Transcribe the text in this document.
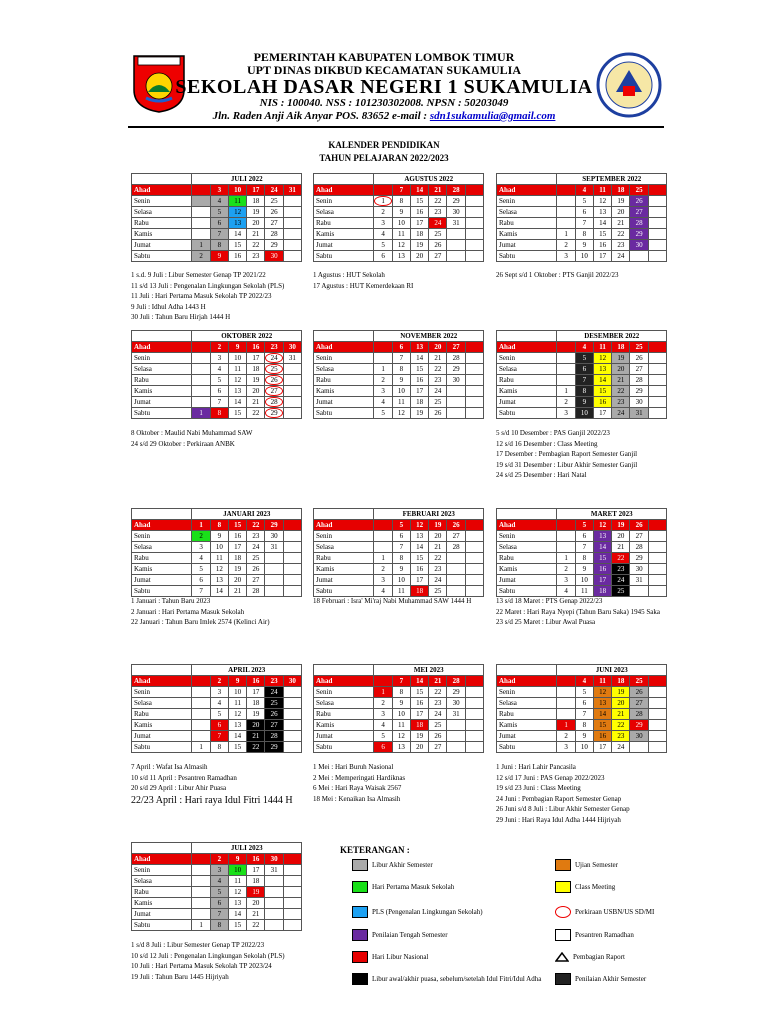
PEMERINTAH KABUPATEN LOMBOK TIMUR
UPT DINAS DIKBUD KECAMATAN SUKAMULIA
SEKOLAH DASAR NEGERI 1 SUKAMULIA
NIS : 100040. NSS : 101230302008. NPSN : 50203049
Jln. Raden Anji Aik Anyar POS. 83652 e-mail : sdn1sukamulia@gmail.com
KALENDER PENDIDIKAN
TAHUN PELAJARAN 2022/2023
	JULI 2022					
Ahad		3	10	17	24	31
Senin		4	11	18	25	
Selasa		5	12	19	26	
Rabu		6	13	20	27	
Kamis		7	14	21	28	
Jumat	1	8	15	22	29	
Sabtu	2	9	16	23	30	
1 s.d. 9 Juli : Libur Semester Genap TP 2021/22
11 s/d 13 Juli : Pengenalan Lingkungan Sekolah (PLS)
11 Juli : Hari Pertama Masuk Sekolah TP 2022/23
9 Juli : Idhul Adha 1443 H
30 Juli : Tahun Baru Hirjah 1444 H
	AGUSTUS 2022					
Ahad		7	14	21	28	
Senin	1	8	15	22	29	
Selasa	2	9	16	23	30	
Rabu	3	10	17	24	31	
Kamis	4	11	18	25		
Jumat	5	12	19	26		
Sabtu	6	13	20	27		
1 Agustus : HUT Sekolah
17 Agustus : HUT Kemerdekaan RI
	SEPTEMBER 2022					
Ahad		4	11	18	25	
Senin		5	12	19	26	
Selasa		6	13	20	27	
Rabu		7	14	21	28	
Kamis	1	8	15	22	29	
Jumat	2	9	16	23	30	
Sabtu	3	10	17	24		
26 Sept s/d 1 Oktober : PTS Ganjil 2022/23
	OKTOBER 2022					
Ahad		2	9	16	23	30
Senin		3	10	17	24	31
Selasa		4	11	18	25	
Rabu		5	12	19	26	
Kamis		6	13	20	27	
Jumat		7	14	21	28	
Sabtu	1	8	15	22	29	
8 Oktober : Maulid Nabi Muhammad SAW
24 s/d 29 Oktober : Perkiraan ANBK
	NOVEMBER 2022					
Ahad		6	13	20	27	
Senin		7	14	21	28	
Selasa	1	8	15	22	29	
Rabu	2	9	16	23	30	
Kamis	3	10	17	24		
Jumat	4	11	18	25		
Sabtu	5	12	19	26		
	DESEMBER 2022					
Ahad		4	11	18	25	
Senin		5	12	19	26	
Selasa		6	13	20	27	
Rabu		7	14	21	28	
Kamis	1	8	15	22	29	
Jumat	2	9	16	23	30	
Sabtu	3	10	17	24	31	
5 s/d 10 Desember : PAS Ganjil 2022/23
12 s/d 16 Desember : Class Meeting
17 Desember : Pembagian Raport Semester Ganjil
19 s/d 31 Desember : Libur Akhir Semester Ganjil
24 s/d 25 Desember : Hari Natal
	JANUARI 2023					
Ahad	1	8	15	22	29	
Senin	2	9	16	23	30	
Selasa	3	10	17	24	31	
Rabu	4	11	18	25		
Kamis	5	12	19	26		
Jumat	6	13	20	27		
Sabtu	7	14	21	28		
1 Januari : Tahun Baru 2023
2 Januari : Hari Pertama Masuk Sekolah
22 Januari : Tahun Baru Imlek 2574 (Kelinci Air)
	FEBRUARI 2023					
Ahad		5	12	19	26	
Senin		6	13	20	27	
Selasa		7	14	21	28	
Rabu	1	8	15	22		
Kamis	2	9	16	23		
Jumat	3	10	17	24		
Sabtu	4	11	18	25		
18 Februari : Isra' Mi'raj Nabi Muhammad SAW 1444 H
	MARET 2023					
Ahad		5	12	19	26	
Senin		6	13	20	27	
Selasa		7	14	21	28	
Rabu	1	8	15	22	29	
Kamis	2	9	16	23	30	
Jumat	3	10	17	24	31	
Sabtu	4	11	18	25		
13 s/d 18 Maret : PTS Genap 2022/23
22 Maret : Hari Raya Nyepi (Tahun Baru Saka) 1945 Saka
23 s/d 25 Maret : Libur Awal Puasa
	APRIL 2023					
Ahad		2	9	16	23	30
Senin		3	10	17	24	
Selasa		4	11	18	25	
Rabu		5	12	19	26	
Kamis		6	13	20	27	
Jumat		7	14	21	28	
Sabtu	1	8	15	22	29	
7 April : Wafat Isa Almasih
10 s/d 11 April : Pesantren Ramadhan
20 s/d 29 April : Libur Ahir Puasa
22/23 April : Hari raya Idul Fitri 1444 H
	MEI 2023					
Ahad		7	14	21	28	
Senin	1	8	15	22	29	
Selasa	2	9	16	23	30	
Rabu	3	10	17	24	31	
Kamis	4	11	18	25		
Jumat	5	12	19	26		
Sabtu	6	13	20	27		
1 Mei : Hari Buruh Nasional
2 Mei : Memperingati Hardiknas
6 Mei : Hari Raya Waisak 2567
18 Mei : Kenaikan Isa Almasih
	JUNI 2023					
Ahad		4	11	18	25	
Senin		5	12	19	26	
Selasa		6	13	20	27	
Rabu		7	14	21	28	
Kamis	1	8	15	22	29	
Jumat	2	9	16	23	30	
Sabtu	3	10	17	24		
1 Juni : Hari Lahir Pancasila
12 s/d 17 Juni : PAS Genap 2022/2023
19 s/d 23 Juni : Class Meeting
24 Juni : Pembagian Raport Semester Genap
26 Juni s/d 8 Juli : Libur Akhir Semester Genap
29 Juni : Hari Raya Idul Adha 1444 Hijriyah
	JULI 2023					
Ahad		2	9	16	30	
Senin		3	10	17	31	
Selasa		4	11	18		
Rabu		5	12	19		
Kamis		6	13	20		
Jumat		7	14	21		
Sabtu	1	8	15	22		
1 s/d 8 Juli : Libur Semester Genap TP 2022/23
10 s/d 12 Juli : Pengenalan Lingkungan Sekolah (PLS)
10 Juli : Hari Pertama Masuk Sekolah TP 2023/24
19 Juli : Tahun Baru 1445 Hijriyah
KETERANGAN :
Libur Akhir Semester
Hari Pertama Masuk Sekolah
PLS (Pengenalan Lingkungan Sekolah)
Penilaian Tengah Semester
Hari Libur Nasional
Libur awal/akhir puasa, sebelum/setelah Idul Fitri/Idul Adha
Ujian Semester
Class Meeting
Perkiraan USBN/US SD/MI
Pesantren Ramadhan
Pembagian Raport
Penilaian Akhir Semester
